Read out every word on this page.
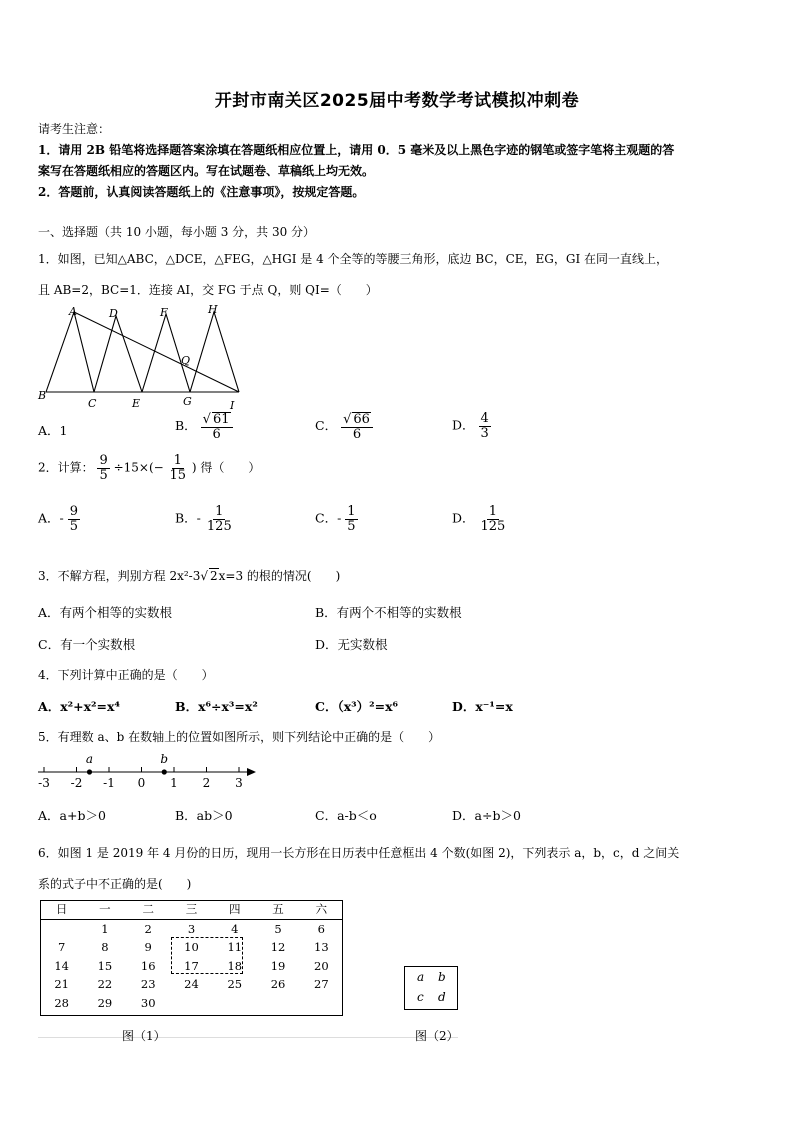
开封市南关区2025届中考数学考试模拟冲刺卷
请考生注意：
1．请用 2B 铅笔将选择题答案涂填在答题纸相应位置上，请用 0．5 毫米及以上黑色字迹的钢笔或签字笔将主观题的答
案写在答题纸相应的答题区内。写在试题卷、草稿纸上均无效。
2．答题前，认真阅读答题纸上的《注意事项》，按规定答题。
一、选择题（共 10 小题，每小题 3 分，共 30 分）
1．如图，已知△ABC，△DCE，△FEG，△HGI 是 4 个全等的等腰三角形，底边 BC，CE，EG，GI 在同一直线上，
且 AB=2，BC=1．连接 AI，交 FG 于点 Q，则 QI=（　　）
A	D	F	H
Q
B
C	E	G	I
A．1	B． $\frac{√ 61}{6}$	C． $\frac{√ 66}{6}$	D． $\frac{4}{3}$
2．计算： $\frac{9}{5} \div 15\times(- \frac{1}{15}$ ) 得（　　）
A．- $\frac{9}{5}$	B．- $\frac{1}{125}$	C．- $\frac{1}{5}$	D． $\frac{1}{125}$
3．不解方程，判别方程 2x²-3√ 2x=3 的根的情况(　　)
A．有两个相等的实数根	B．有两个不相等的实数根
C．有一个实数根	D．无实数根
4．下列计算中正确的是（　　）
A．x²+x²=x⁴	B．x⁶÷x³=x²	C．（x³）²=x⁶	D．x⁻¹=x
5．有理数 a、b 在数轴上的位置如图所示，则下列结论中正确的是（　　）
-3 -2 -1 0 1 2 3
a	b
A．a+b＞0	B．ab＞0	C．a-b＜o	D．a÷b＞0
6．如图 1 是 2019 年 4 月份的日历，现用一长方形在日历表中任意框出 4 个数(如图 2)，下列表示 a，b，c，d 之间关
系的式子中不正确的是(　　)
日	一	二	三	四	五	六
	1	2	3	4	5	6
7	8	9	10	11	12	13
14	15	16	17	18	19	20
21	22	23	24	25	26	27
28	29	30				
a b
c d
图（1）	图（2）
